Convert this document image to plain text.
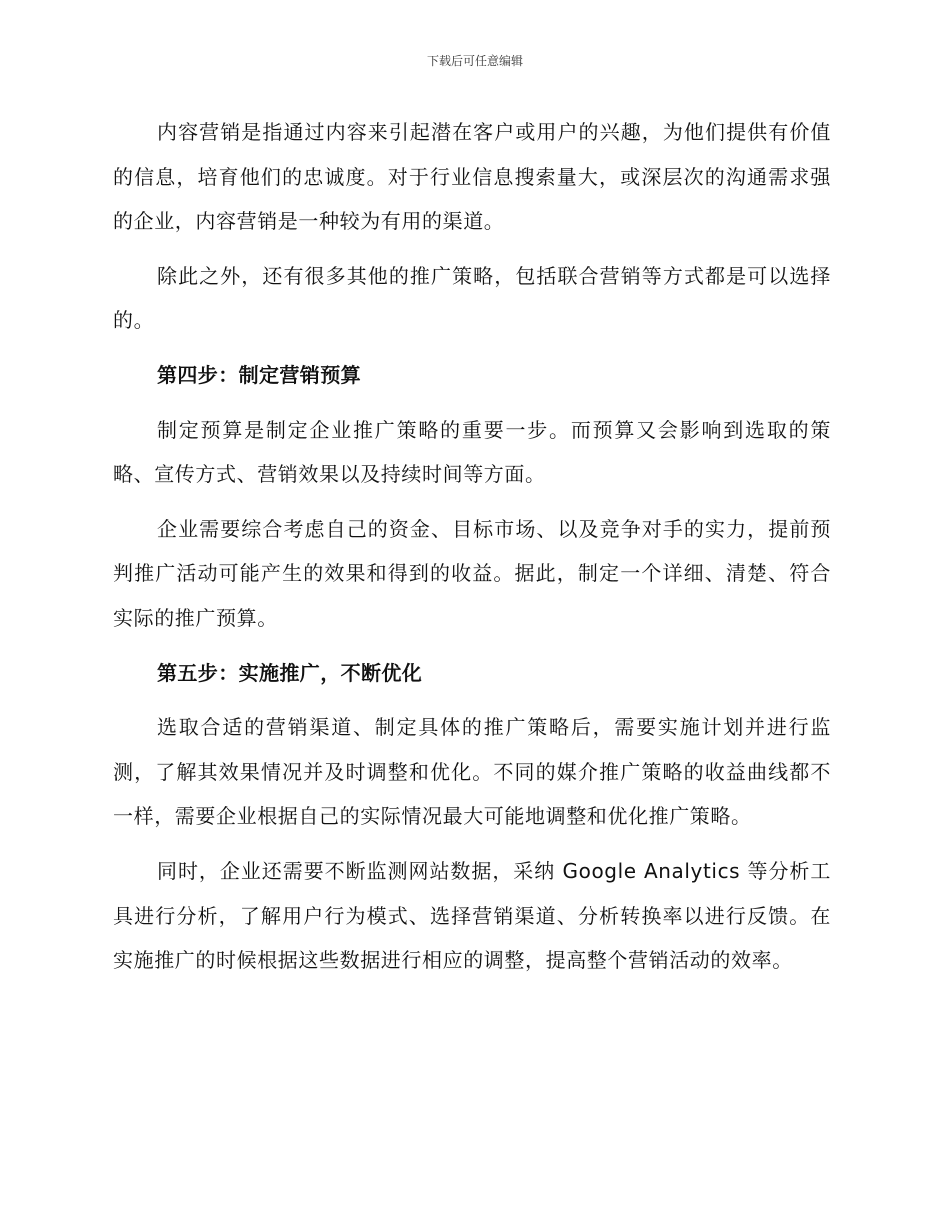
下载后可任意编辑

内容营销是指通过内容来引起潜在客户或用户的兴趣，为他们提供有价值的信息，培育他们的忠诚度。对于行业信息搜索量大，或深层次的沟通需求强的企业，内容营销是一种较为有用的渠道。

除此之外，还有很多其他的推广策略，包括联合营销等方式都是可以选择的。

第四步：制定营销预算

制定预算是制定企业推广策略的重要一步。而预算又会影响到选取的策略、宣传方式、营销效果以及持续时间等方面。

企业需要综合考虑自己的资金、目标市场、以及竞争对手的实力，提前预判推广活动可能产生的效果和得到的收益。据此，制定一个详细、清楚、符合实际的推广预算。

第五步：实施推广，不断优化

选取合适的营销渠道、制定具体的推广策略后，需要实施计划并进行监测，了解其效果情况并及时调整和优化。不同的媒介推广策略的收益曲线都不一样，需要企业根据自己的实际情况最大可能地调整和优化推广策略。

同时，企业还需要不断监测网站数据，采纳 Google Analytics 等分析工具进行分析，了解用户行为模式、选择营销渠道、分析转换率以进行反馈。在实施推广的时候根据这些数据进行相应的调整，提高整个营销活动的效率。
